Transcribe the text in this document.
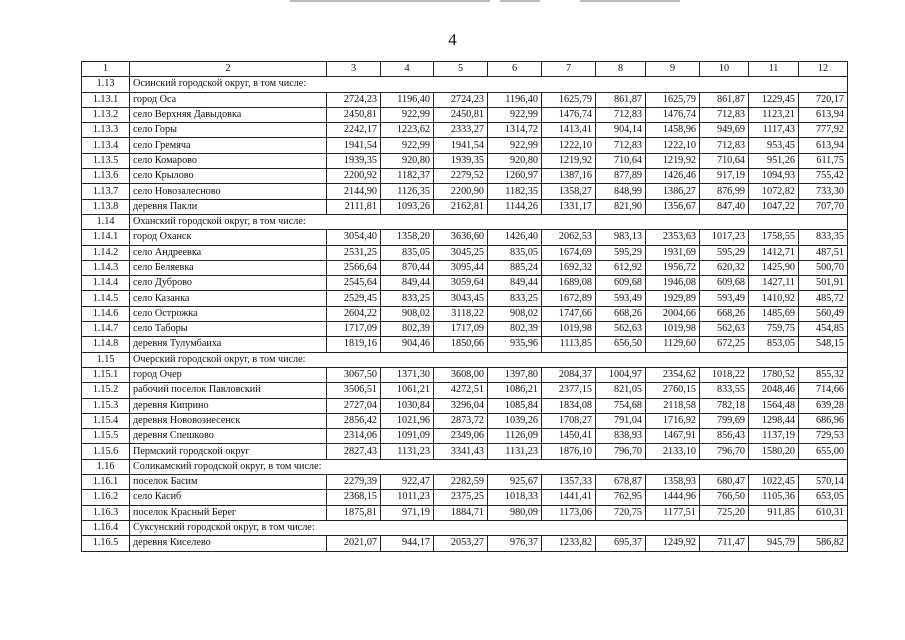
4
1	2	3	4	5	6	7	8	9	10	11	12
1.13	Осинский городской округ, в том числе:										
1.13.1	город Оса	2724,23	1196,40	2724,23	1196,40	1625,79	861,87	1625,79	861,87	1229,45	720,17
1.13.2	село Верхняя Давыдовка	2450,81	922,99	2450,81	922,99	1476,74	712,83	1476,74	712,83	1123,21	613,94
1.13.3	село Горы	2242,17	1223,62	2333,27	1314,72	1413,41	904,14	1458,96	949,69	1117,43	777,92
1.13.4	село Гремяча	1941,54	922,99	1941,54	922,99	1222,10	712,83	1222,10	712,83	953,45	613,94
1.13.5	село Комарово	1939,35	920,80	1939,35	920,80	1219,92	710,64	1219,92	710,64	951,26	611,75
1.13.6	село Крылово	2200,92	1182,37	2279,52	1260,97	1387,16	877,89	1426,46	917,19	1094,93	755,42
1.13.7	село Новозалесново	2144,90	1126,35	2200,90	1182,35	1358,27	848,99	1386,27	876,99	1072,82	733,30
1.13.8	деревня Пакли	2111,81	1093,26	2162,81	1144,26	1331,17	821,90	1356,67	847,40	1047,22	707,70
1.14	Оханский городской округ, в том числе:										
1.14.1	город Оханск	3054,40	1358,20	3636,60	1426,40	2062,53	983,13	2353,63	1017,23	1758,55	833,35
1.14.2	село Андреевка	2531,25	835,05	3045,25	835,05	1674,69	595,29	1931,69	595,29	1412,71	487,51
1.14.3	село Беляевка	2566,64	870,44	3095,44	885,24	1692,32	612,92	1956,72	620,32	1425,90	500,70
1.14.4	село Дуброво	2545,64	849,44	3059,64	849,44	1689,08	609,68	1946,08	609,68	1427,11	501,91
1.14.5	село Казанка	2529,45	833,25	3043,45	833,25	1672,89	593,49	1929,89	593,49	1410,92	485,72
1.14.6	село Острожка	2604,22	908,02	3118,22	908,02	1747,66	668,26	2004,66	668,26	1485,69	560,49
1.14.7	село Таборы	1717,09	802,39	1717,09	802,39	1019,98	562,63	1019,98	562,63	759,75	454,85
1.14.8	деревня Тулумбаиха	1819,16	904,46	1850,66	935,96	1113,85	656,50	1129,60	672,25	853,05	548,15
1.15	Очерский городской округ, в том числе:										
1.15.1	город Очер	3067,50	1371,30	3608,00	1397,80	2084,37	1004,97	2354,62	1018,22	1780,52	855,32
1.15.2	рабочий поселок Павловский	3506,51	1061,21	4272,51	1086,21	2377,15	821,05	2760,15	833,55	2048,46	714,66
1.15.3	деревня Киприно	2727,04	1030,84	3296,04	1085,84	1834,08	754,68	2118,58	782,18	1564,48	639,28
1.15.4	деревня Нововознесенск	2856,42	1021,96	2873,72	1039,26	1708,27	791,04	1716,92	799,69	1298,44	686,96
1.15.5	деревня Спешково	2314,06	1091,09	2349,06	1126,09	1450,41	838,93	1467,91	856,43	1137,19	729,53
1.15.6	Пермский городской округ	2827,43	1131,23	3341,43	1131,23	1876,10	796,70	2133,10	796,70	1580,20	655,00
1.16	Соликамский городской округ, в том числе:										
1.16.1	поселок Басим	2279,39	922,47	2282,59	925,67	1357,33	678,87	1358,93	680,47	1022,45	570,14
1.16.2	село Касиб	2368,15	1011,23	2375,25	1018,33	1441,41	762,95	1444,96	766,50	1105,36	653,05
1.16.3	поселок Красный Берег	1875,81	971,19	1884,71	980,09	1173,06	720,75	1177,51	725,20	911,85	610,31
1.16.4	Суксунский городской округ, в том числе:										
1.16.5	деревня Киселево	2021,07	944,17	2053,27	976,37	1233,82	695,37	1249,92	711,47	945,79	586,82
